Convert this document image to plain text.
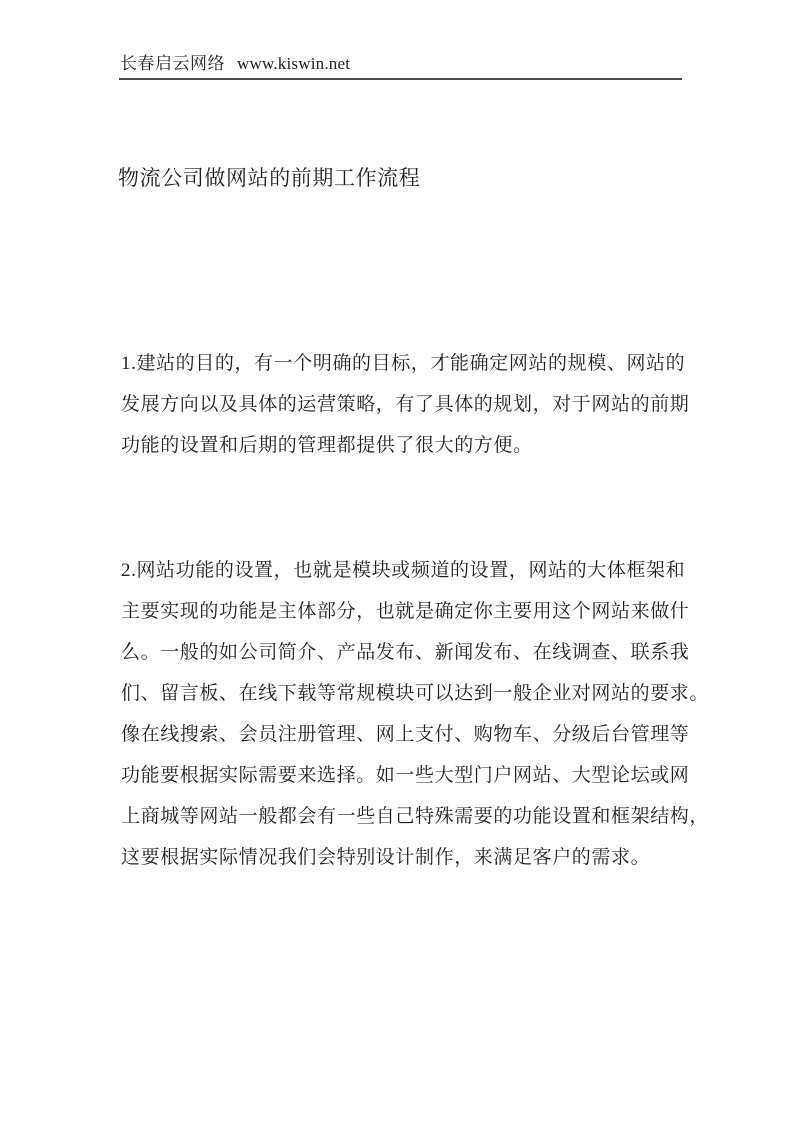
长春启云网络 www.kiswin.net
物流公司做网站的前期工作流程
1.建站的目的，有一个明确的目标，才能确定网站的规模、网站的
发展方向以及具体的运营策略，有了具体的规划，对于网站的前期
功能的设置和后期的管理都提供了很大的方便。
2.网站功能的设置，也就是模块或频道的设置，网站的大体框架和
主要实现的功能是主体部分，也就是确定你主要用这个网站来做什
么。一般的如公司简介、产品发布、新闻发布、在线调查、联系我
们、留言板、在线下载等常规模块可以达到一般企业对网站的要求。
像在线搜索、会员注册管理、网上支付、购物车、分级后台管理等
功能要根据实际需要来选择。如一些大型门户网站、大型论坛或网
上商城等网站一般都会有一些自己特殊需要的功能设置和框架结构，
这要根据实际情况我们会特别设计制作，来满足客户的需求。
